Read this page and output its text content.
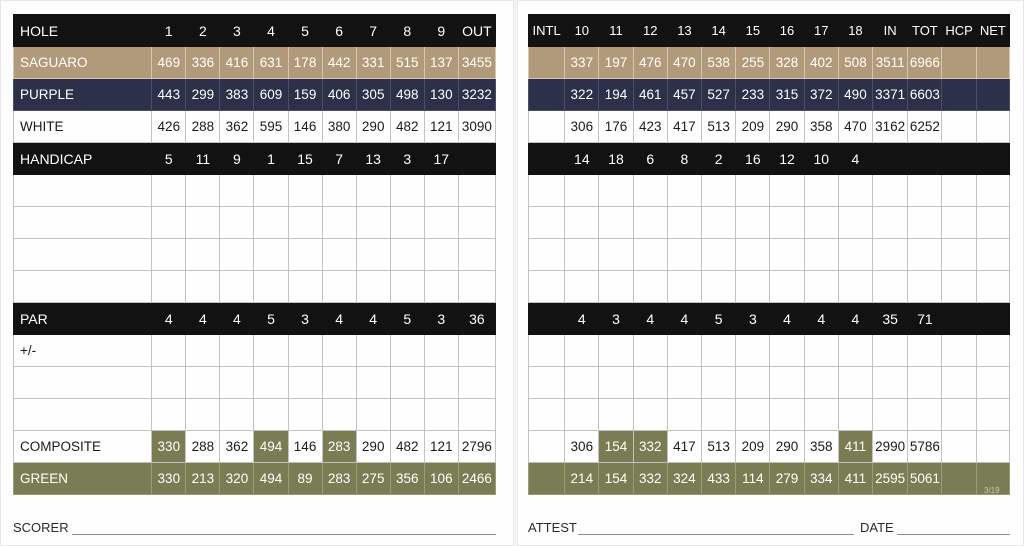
HOLE	1	2	3	4	5	6	7	8	9	OUT
SAGUARO	469	336	416	631	178	442	331	515	137	3455
PURPLE	443	299	383	609	159	406	305	498	130	3232
WHITE	426	288	362	595	146	380	290	482	121	3090
HANDICAP	5	11	9	1	15	7	13	3	17	

PAR	4	4	4	5	3	4	4	5	3	36
+/-										

COMPOSITE	330	288	362	494	146	283	290	482	121	2796
GREEN	330	213	320	494	89	283	275	356	106	2466
INTL	10	11	12	13	14	15	16	17	18	IN	TOT	HCP	NET
	337	197	476	470	538	255	328	402	508	3511	6966		
	322	194	461	457	527	233	315	372	490	3371	6603		
	306	176	423	417	513	209	290	358	470	3162	6252		
	14	18	6	8	2	16	12	10	4				

	4	3	4	4	5	3	4	4	4	35	71		

	306	154	332	417	513	209	290	358	411	2990	5786		
	214	154	332	324	433	114	279	334	411	2595	5061		
SCORER	ATTEST	DATE
3/19
